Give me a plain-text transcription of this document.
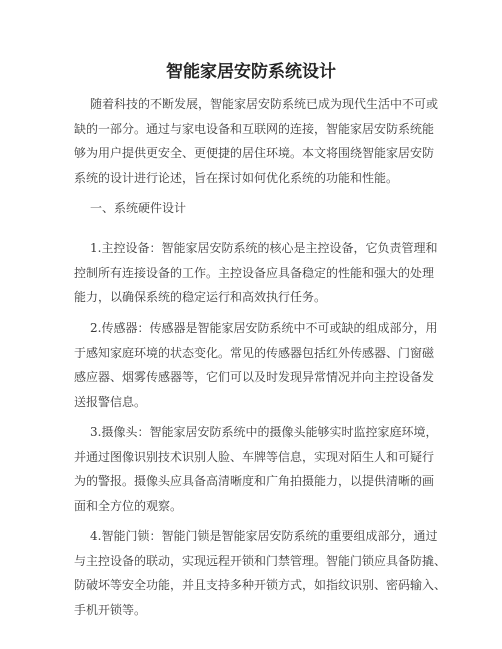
智能家居安防系统设计
随着科技的不断发展，智能家居安防系统已成为现代生活中不可或
缺的一部分。通过与家电设备和互联网的连接，智能家居安防系统能
够为用户提供更安全、更便捷的居住环境。本文将围绕智能家居安防
系统的设计进行论述，旨在探讨如何优化系统的功能和性能。
一、系统硬件设计
1.主控设备：智能家居安防系统的核心是主控设备，它负责管理和
控制所有连接设备的工作。主控设备应具备稳定的性能和强大的处理
能力，以确保系统的稳定运行和高效执行任务。
2.传感器：传感器是智能家居安防系统中不可或缺的组成部分，用
于感知家庭环境的状态变化。常见的传感器包括红外传感器、门窗磁
感应器、烟雾传感器等，它们可以及时发现异常情况并向主控设备发
送报警信息。
3.摄像头：智能家居安防系统中的摄像头能够实时监控家庭环境，
并通过图像识别技术识别人脸、车牌等信息，实现对陌生人和可疑行
为的警报。摄像头应具备高清晰度和广角拍摄能力，以提供清晰的画
面和全方位的观察。
4.智能门锁：智能门锁是智能家居安防系统的重要组成部分，通过
与主控设备的联动，实现远程开锁和门禁管理。智能门锁应具备防撬、
防破坏等安全功能，并且支持多种开锁方式，如指纹识别、密码输入、
手机开锁等。
